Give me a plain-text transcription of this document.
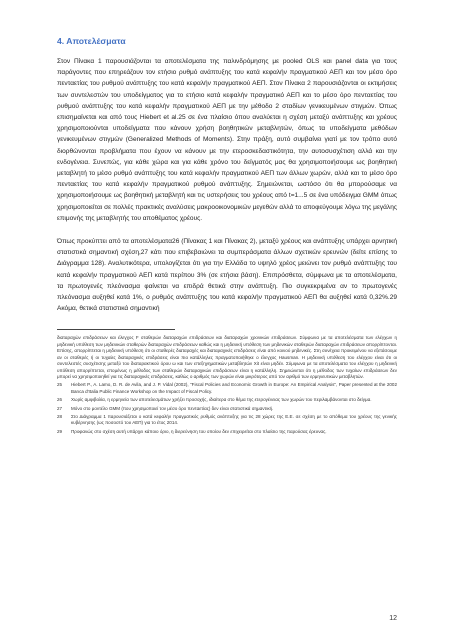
4. Αποτελέσματα

Στον Πίνακα 1 παρουσιάζονται τα αποτελέσματα της παλινδρόμησης με pooled OLS και panel data για τους παράγοντες που επηρεάζουν τον ετήσιο ρυθμό ανάπτυξης του κατά κεφαλήν πραγματικού ΑΕΠ και τον μέσο όρο πενταετίας του ρυθμού ανάπτυξης του κατά κεφαλήν πραγματικού ΑΕΠ. Στον Πίνακα 2 παρουσιάζονται οι εκτιμήσεις των συντελεστών του υποδείγματος για το ετήσιο κατά κεφαλήν πραγματικό ΑΕΠ και το μέσο όρο πενταετίας του ρυθμού ανάπτυξης του κατά κεφαλήν πραγματικού ΑΕΠ με την μέθοδο 2 σταδίων γενικευμένων στιγμών. Όπως επισημαίνεται και από τους Hiebert et al.25 σε ένα πλαίσιο όπου αναλύεται η σχέση μεταξύ ανάπτυξης και χρέους χρησιμοποιούνται υποδείγματα που κάνουν χρήση βοηθητικών μεταβλητών, όπως τα υποδείγματα μεθόδων γενικευμένων στιγμών (Generalized Methods of Moments). Στην πράξη, αυτό συμβαίνει γιατί με τον τρόπο αυτό διορθώνονται προβλήματα που έχουν να κάνουν με την ετεροσκεδαστικότητα, την αυτοσυσχέτιση αλλά και την ενδογένεια. Συνεπώς, για κάθε χώρα και για κάθε χρόνο του δείγματός μας θα χρησιμοποιήσουμε ως βοηθητική μεταβλητή το μέσο ρυθμό ανάπτυξης του κατά κεφαλήν πραγματικού ΑΕΠ των άλλων χωρών, αλλά και το μέσο όρο πενταετίας του κατά κεφαλήν πραγματικού ρυθμού ανάπτυξης. Σημειώνεται, ωστόσο ότι θα μπορούσαμε να χρησιμοποιήσουμε ως βοηθητική μεταβλητή και τις υστερήσεις του χρέους από t=1...5 σε ένα υπόδειγμα GMM όπως χρησιμοποιείται σε πολλές πρακτικές αναλύσεις μακροοικονομικών μεγεθών αλλά το αποφεύγουμε λόγω της μεγάλης επιμονής της μεταβλητής του αποθέματος χρέους.

Όπως προκύπτει από τα αποτελέσματα26 (Πίνακας 1 και Πίνακας 2), μεταξύ χρέους και ανάπτυξης υπάρχει αρνητική στατιστικά σημαντική σχέση,27 κάτι που επιβεβαιώνει τα συμπεράσματα άλλων σχετικών ερευνών (δείτε επίσης το Διάγραμμα 128). Αναλυτικότερα, υπολογίζεται ότι για την Ελλάδα το υψηλό χρέος μειώνει τον ρυθμό ανάπτυξης του κατά κεφαλήν πραγματικού ΑΕΠ κατά περίπου 3% (σε ετήσια βάση). Επιπρόσθετα, σύμφωνα με τα αποτελέσματα, τα πρωτογενές πλεόνασμα φαίνεται να επιδρά θετικά στην ανάπτυξη. Πιο συγκεκριμένα αν το πρωτογενές πλεόνασμα αυξηθεί κατά 1%, ο ρυθμός ανάπτυξης του κατά κεφαλήν πραγματικού ΑΕΠ θα αυξηθεί κατά 0,32%.29 Ακόμα, θετικά στατιστικά σημαντική

διαταραχών επιδράσεων και έλεγχος F σταθερών διαταραχών επιδράσεων και διαταραχών χρονικών επιδράσεων. Σύμφωνα με τα αποτελέσματα των ελέγχων η μηδενική υπόθεση των μηδενικών σταθερών διαταραχών επιδράσεων καθώς και η μηδενική υπόθεση των μηδενικών σταθερών διαταραχών επιδράσεων απορρίπτονται. Επίσης, απορρίπτεται η μηδενική υπόθεση ότι οι σταθερές διαταραχές και διαταραχικές επιδράσεις είναι από κοινού μηδενικές. Στη συνέχεια προκειμένου να εξετάσουμε αν οι σταθερές ή οι τυχαίες διαταραχικές επιδράσεις είναι πιο κατάλληλες πραγματοποιήθηκε ο έλεγχος Hausman. Η μηδενική υπόθεση του ελέγχου είναι ότι οι συντελεστές συσχέτισης μεταξύ του διαταρακτικού όρου ω και των επεξηγηματικών μεταβλητών Xit είναι μηδέν. Σύμφωνα με τα αποτελέσματα του ελέγχου η μηδενική υπόθεση απορρίπτεται, επομένως η μέθοδος των σταθερών διαταραχικών επιδράσεων είναι η κατάλληλη. Σημειώνεται ότι η μέθοδος των τυχαίων επιδράσεων δεν μπορεί να χρησιμοποιηθεί για τις διαταραχικές επιδράσεις, καθώς ο αριθμός των χωρών είναι μικρότερος από τον αριθμό των ερμηνευτικών μεταβλητών.

25	Hiebert P., A. Lamo, D. R. de Avila, and J. P. Vidal (2002), "Fiscal Policies and Economic Growth in Europe: An Empirical Analysis", Paper presented at the 2002 Banca d'Italia Public Finance Workshop on the Impact of Fiscal Policy.
26	Χωρίς αμφιβολία, η ερμηνεία των αποτελεσμάτων χρήζει προσοχής, ιδιαίτερα στο θέμα της ετερογένειας των χωρών του περιλαμβάνονται στο δείγμα.
27	Μόνο στο μοντέλο GMM (που χρησιμοποιεί τον μέσο όρο πενταετίας) δεν είναι στατιστικά σημαντική.
28	Στο Διάγραμμα 1 παρουσιάζεται ο κατά κεφαλήν πραγματικός ρυθμός ανάπτυξης για τις 28 χώρες της Ε.Ε. σε σχέση με το απόθεμα του χρέους της γενικής κυβέρνησης (ως ποσοστό του ΑΕΠ) για το έτος 2014.
29	Προφανώς στο σχέση αυτή υπάρχει κάποιο όριο, η διερεύνηση του οποίου δεν επιχειρείται στο πλαίσιο της παρούσας έρευνας.
12
